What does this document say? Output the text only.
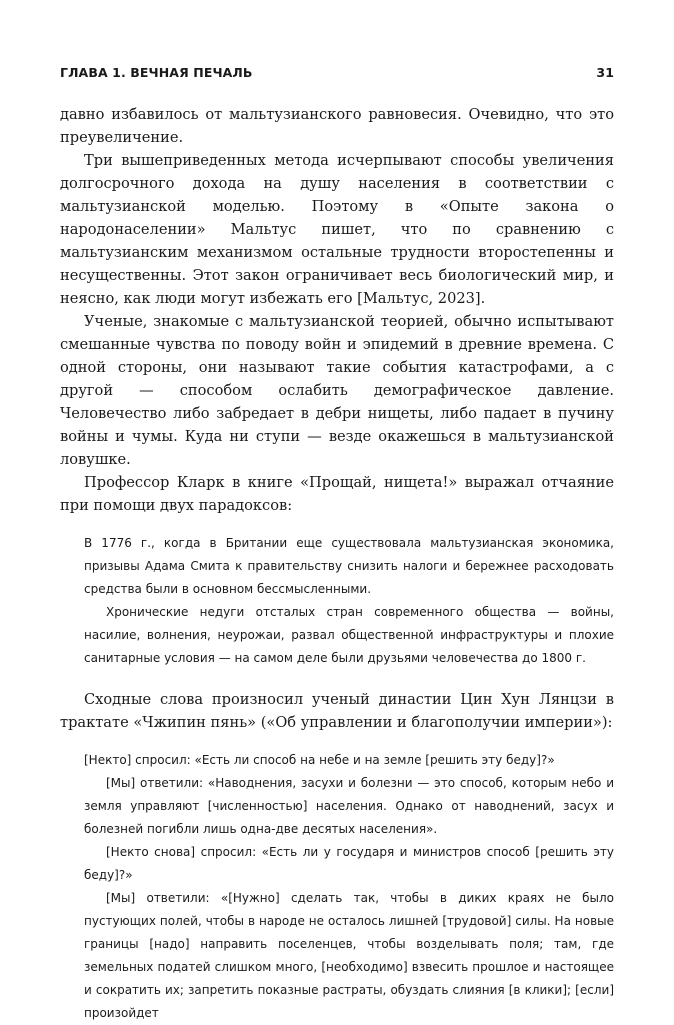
ГЛАВА 1. ВЕЧНАЯ ПЕЧАЛЬ	31

давно избавилось от мальтузианского равновесия. Очевидно, что это преувеличение.

Три вышеприведенных метода исчерпывают способы увеличения долгосрочного дохода на душу населения в соответствии с мальтузианской моделью. Поэтому в «Опыте закона о народонаселении» Мальтус пишет, что по сравнению с мальтузианским механизмом остальные трудности второстепенны и несущественны. Этот закон ограничивает весь биологический мир, и неясно, как люди могут избежать его [Мальтус, 2023].

Ученые, знакомые с мальтузианской теорией, обычно испытывают смешанные чувства по поводу войн и эпидемий в древние времена. С одной стороны, они называют такие события катастрофами, а с другой — способом ослабить демографическое давление. Человечество либо забредает в дебри нищеты, либо падает в пучину войны и чумы. Куда ни ступи — везде окажешься в мальтузианской ловушке.

Профессор Кларк в книге «Прощай, нищета!» выражал отчаяние при помощи двух парадоксов:

В 1776 г., когда в Британии еще существовала мальтузианская экономика, призывы Адама Смита к правительству снизить налоги и бережнее расходовать средства были в основном бессмысленными.

Хронические недуги отсталых стран современного общества — войны, насилие, волнения, неурожаи, развал общественной инфраструктуры и плохие санитарные условия — на самом деле были друзьями человечества до 1800 г.

Сходные слова произносил ученый династии Цин Хун Лянцзи в трактате «Чжипин пянь» («Об управлении и благополучии империи»):

[Некто] спросил: «Есть ли способ на небе и на земле [решить эту беду]?»

[Мы] ответили: «Наводнения, засухи и болезни — это способ, которым небо и земля управляют [численностью] населения. Однако от наводнений, засух и болезней погибли лишь одна-две десятых населения».

[Некто снова] спросил: «Есть ли у государя и министров способ [решить эту беду]?»

[Мы] ответили: «[Нужно] сделать так, чтобы в диких краях не было пустующих полей, чтобы в народе не осталось лишней [трудовой] силы. На новые границы [надо] направить поселенцев, чтобы возделывать поля; там, где земельных податей слишком много, [необходимо] взвесить прошлое и настоящее и сократить их; запретить показные растраты, обуздать слияния [в клики]; [если] произойдет
